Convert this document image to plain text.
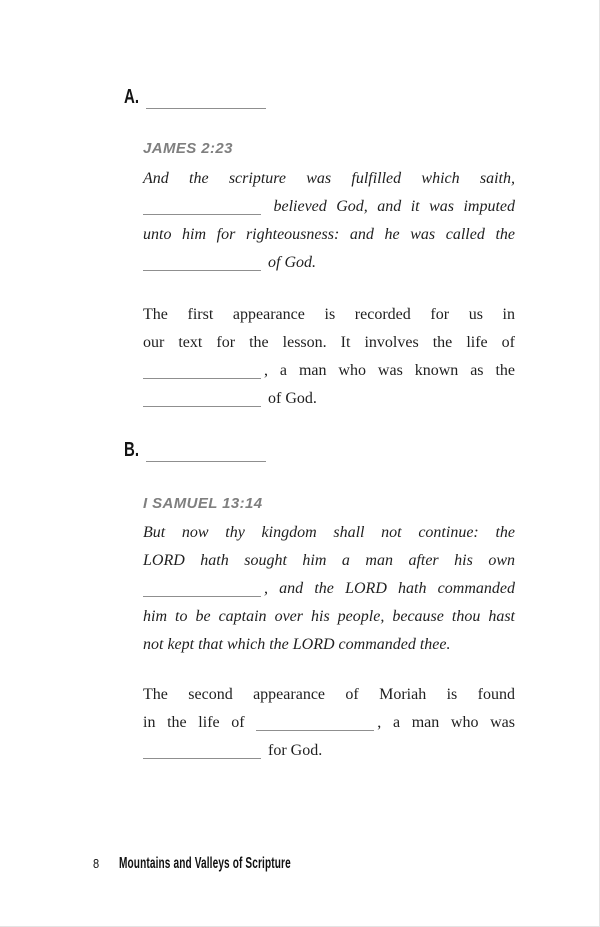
A.
JAMES 2:23
And the scripture was fulfilled which saith,
believed God, and it was imputed
unto him for righteousness: and he was called the
of God.
The first appearance is recorded for us in
our text for the lesson. It involves the life of
, a man who was known as the
of God.
B.
I SAMUEL 13:14
But now thy kingdom shall not continue: the
LORD hath sought him a man after his own
, and the LORD hath commanded
him to be captain over his people, because thou hast
not kept that which the LORD commanded thee.
The second appearance of Moriah is found
in the life of	, a man who was
for God.
8 Mountains and Valleys of Scripture
